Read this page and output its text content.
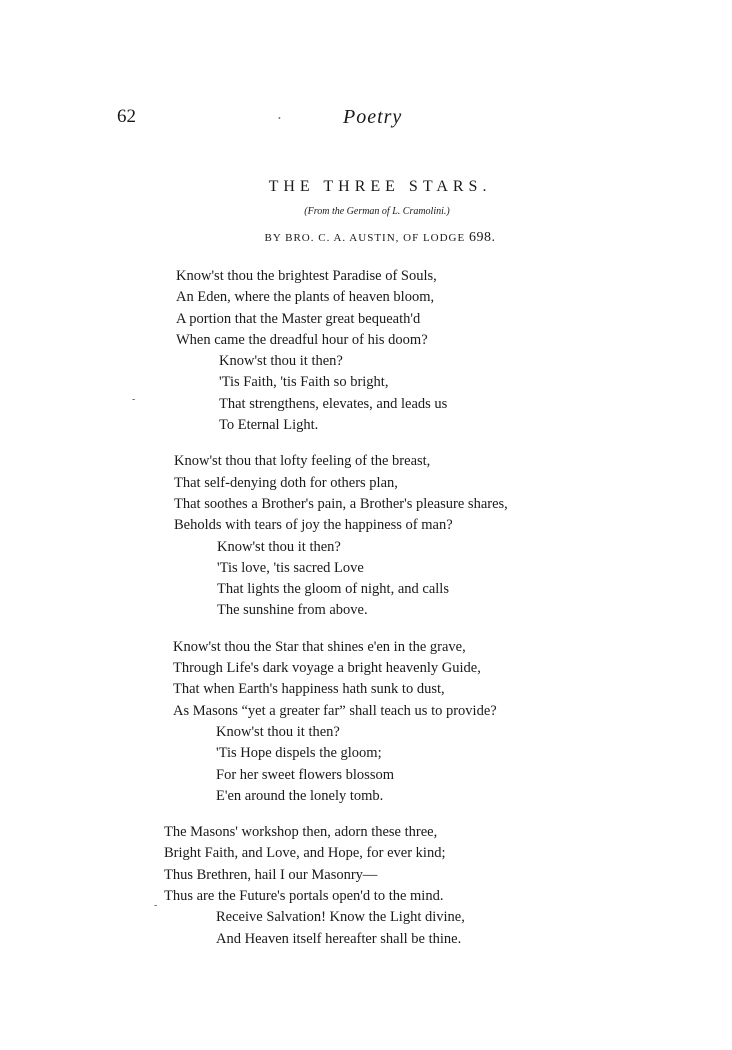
62	•	Poetry
THE THREE STARS.
(From the German of L. Cramolini.)
BY BRO. C. A. AUSTIN, OF LODGE 698.
Know'st thou the brightest Paradise of Souls,
An Eden, where the plants of heaven bloom,
A portion that the Master great bequeath'd
When came the dreadful hour of his doom?
Know'st thou it then?
'Tis Faith, 'tis Faith so bright,
That strengthens, elevates, and leads us
To Eternal Light.
Know'st thou that lofty feeling of the breast,
That self-denying doth for others plan,
That soothes a Brother's pain, a Brother's pleasure shares,
Beholds with tears of joy the happiness of man?
Know'st thou it then?
'Tis love, 'tis sacred Love
That lights the gloom of night, and calls
The sunshine from above.
Know'st thou the Star that shines e'en in the grave,
Through Life's dark voyage a bright heavenly Guide,
That when Earth's happiness hath sunk to dust,
As Masons “yet a greater far” shall teach us to provide?
Know'st thou it then?
'Tis Hope dispels the gloom;
For her sweet flowers blossom
E'en around the lonely tomb.
The Masons' workshop then, adorn these three,
Bright Faith, and Love, and Hope, for ever kind;
Thus Brethren, hail I our Masonry—
Thus are the Future's portals open'd to the mind.
Receive Salvation! Know the Light divine,
And Heaven itself hereafter shall be thine.
-
-
